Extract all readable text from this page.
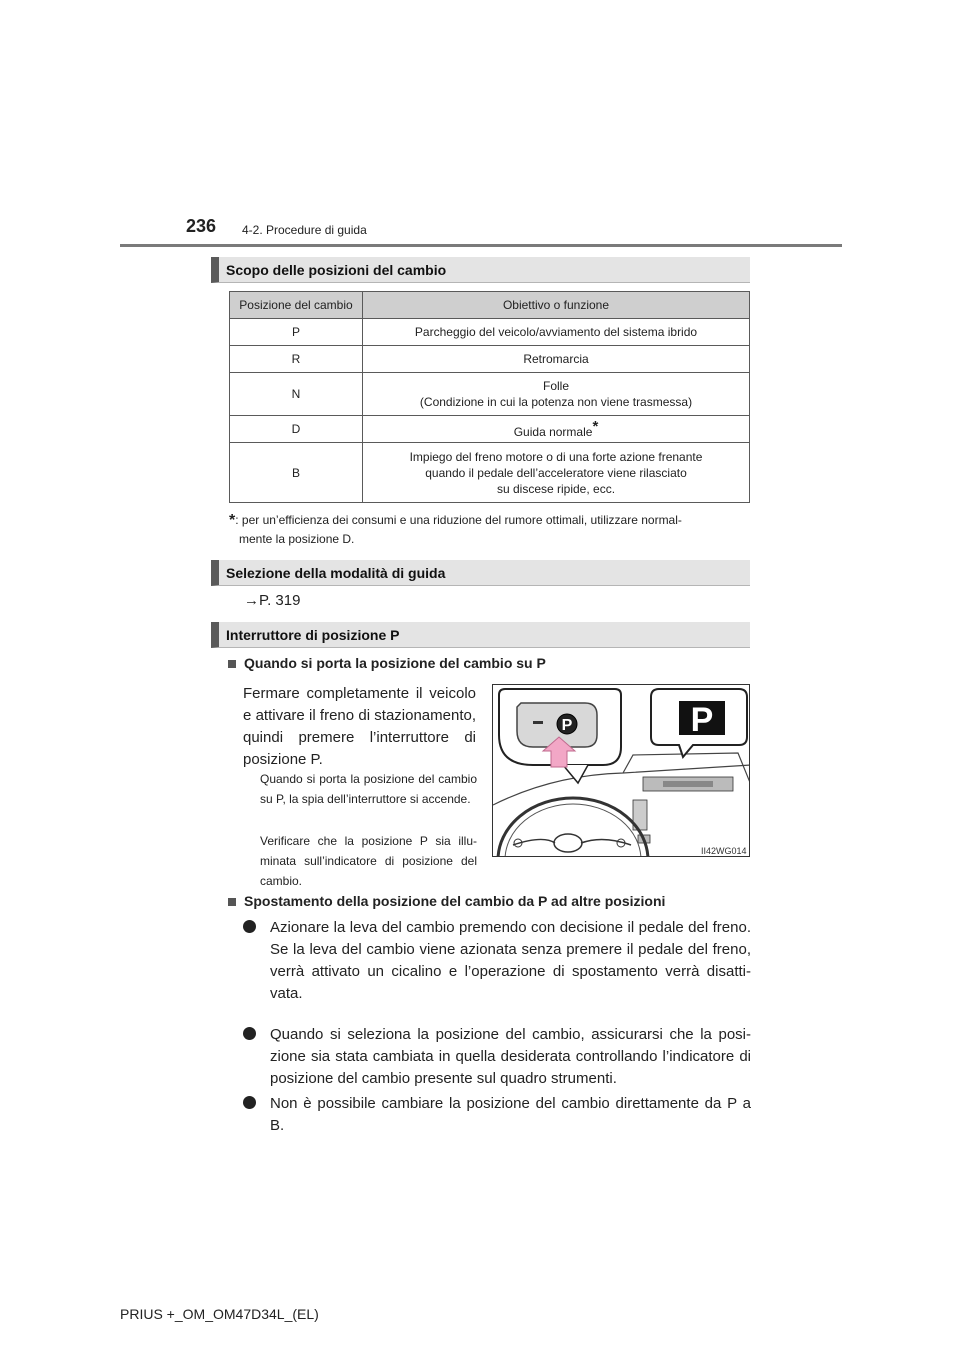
236 4-2. Procedure di guida
Scopo delle posizioni del cambio
Posizione del cambio	Obiettivo o funzione
P	Parcheggio del veicolo/avviamento del sistema ibrido
R	Retromarcia
N	Folle
(Condizione in cui la potenza non viene trasmessa)

D	Guida normale*
B	Impiego del freno motore o di una forte azione frenante
quando il pedale dell’acceleratore viene rilasciato
su discese ripide, ecc.
*: per un’efficienza dei consumi e una riduzione del rumore ottimali, utilizzare normal-
mente la posizione D.
Selezione della modalità di guida
→P. 319
Interruttore di posizione P
Quando si porta la posizione del cambio su P
Fermare completamente il veicolo e attivare il freno di stazionamento, quindi premere l’interruttore di posizione P.
Quando si porta la posizione del cambio su P, la spia dell’interruttore si accende.
Verificare che la posizione P sia illu-minata sull’indicatore di posizione del cambio.
P	P
II42WG014
Spostamento della posizione del cambio da P ad altre posizioni
Azionare la leva del cambio premendo con decisione il pedale del freno. Se la leva del cambio viene azionata senza premere il pedale del freno, verrà attivato un cicalino e l’operazione di spostamento verrà disatti-vata.
Quando si seleziona la posizione del cambio, assicurarsi che la posi-zione sia stata cambiata in quella desiderata controllando l’indicatore di posizione del cambio presente sul quadro strumenti.
Non è possibile cambiare la posizione del cambio direttamente da P a B.
PRIUS +_OM_OM47D34L_(EL)
